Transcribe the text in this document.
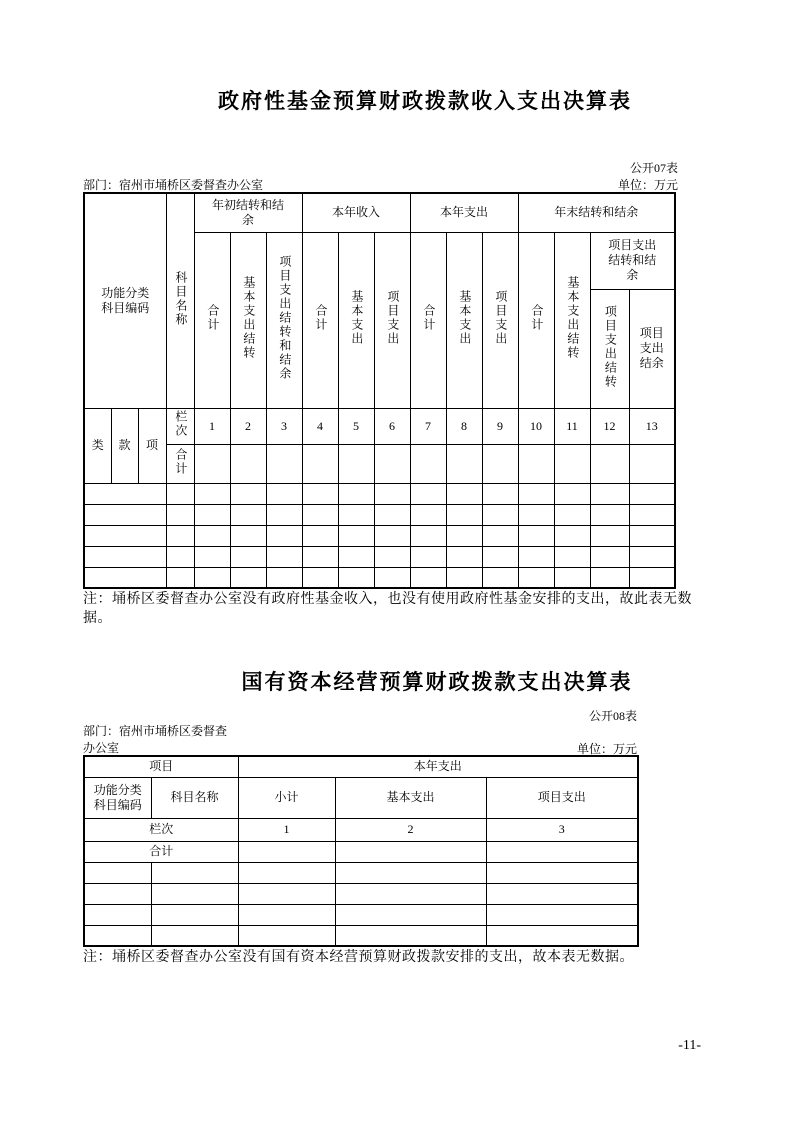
政府性基金预算财政拨款收入支出决算表
公开07表
部门：宿州市埇桥区委督查办公室	单位：万元
功能分类科目编码			科目名称	年初结转和结余			本年收入			本年支出			年末结转和结余			
				合计	基本支出结转	项目支出结转和结余	合计	基本支出	项目支出	合计	基本支出	项目支出	合计	基本支出结转	项目支出结转和结余	

															项目支出结转	项目支出结余

类	款	项	栏次	1	2	3	4	5	6	7	8	9	10	11	12	13
			合计													

注：埇桥区委督查办公室没有政府性基金收入，也没有使用政府性基金安排的支出，故此表无数据。
国有资本经营预算财政拨款支出决算表
公开08表
部门：宿州市埇桥区委督查
办公室	单位：万元
项目		本年支出		

功能分类科目编码	科目名称	小计	基本支出	项目支出
栏次		1	2	3
合计				

注：埇桥区委督查办公室没有国有资本经营预算财政拨款安排的支出，故本表无数据。
-11-
